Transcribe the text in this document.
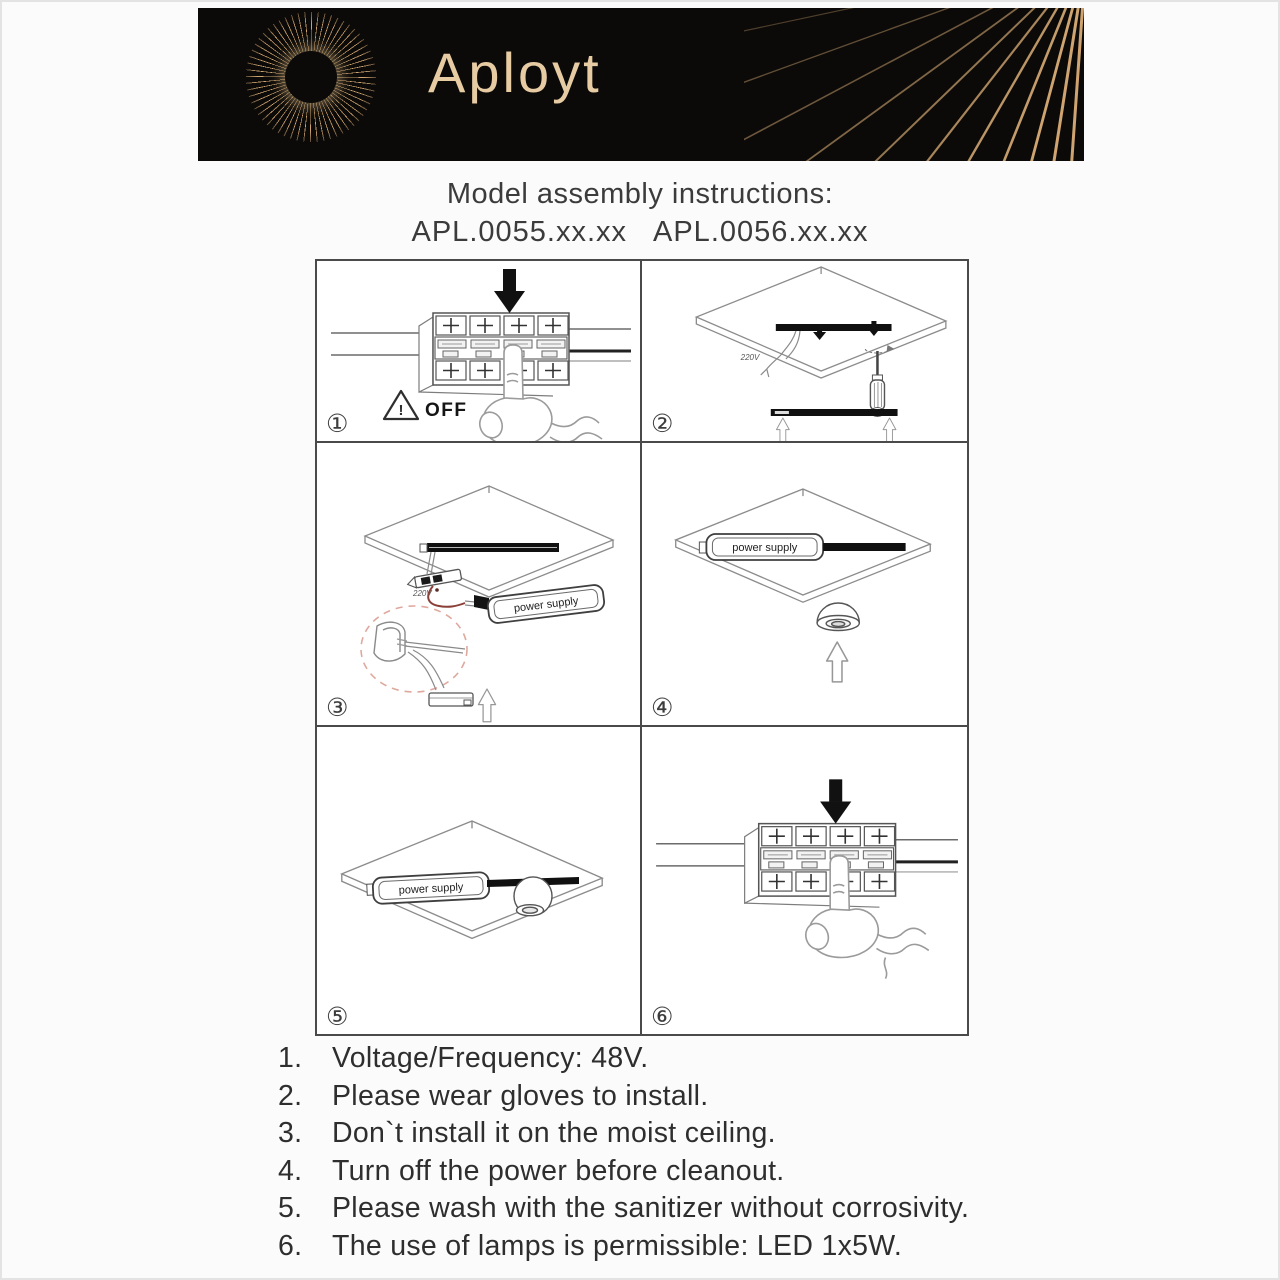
Aployt
Model assembly instructions:
APL.0055.xx.xx APL.0056.xx.xx
! OFF
①
220V
②
220V
③	④
⑤	⑥
1.	Voltage/Frequency: 48V.
2.	Please wear gloves to install.
3.	Don`t install it on the moist ceiling.
4.	Turn off the power before cleanout.
5.	Please wash with the sanitizer without corrosivity.
6.	The use of lamps is permissible: LED 1x5W.
